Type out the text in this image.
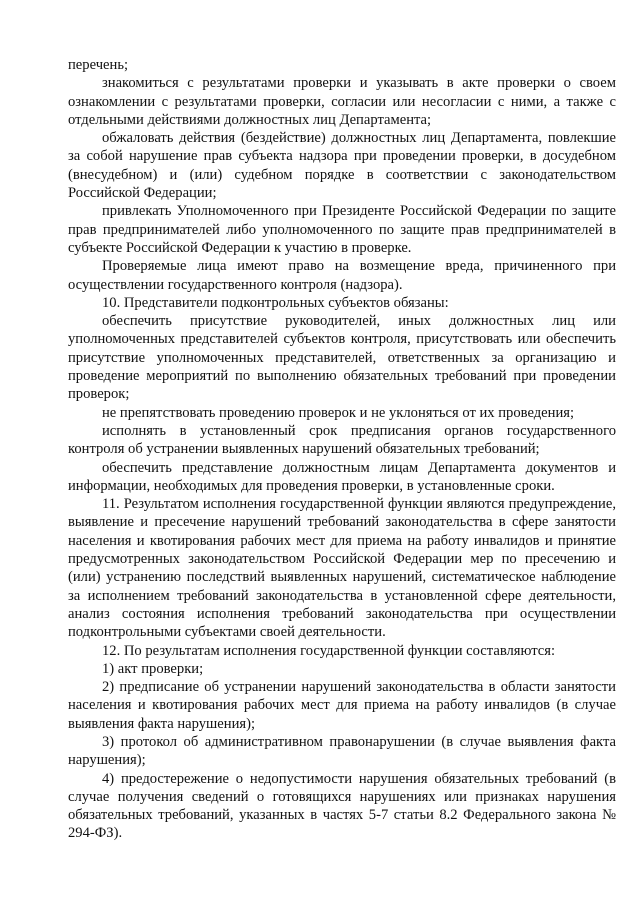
перечень;

знакомиться с результатами проверки и указывать в акте проверки о своем ознакомлении с результатами проверки, согласии или несогласии с ними, а также с отдельными действиями должностных лиц Департамента;

обжаловать действия (бездействие) должностных лиц Департамента, повлекшие за собой нарушение прав субъекта надзора при проведении проверки, в досудебном (внесудебном) и (или) судебном порядке в соответствии с законодательством Российской Федерации;

привлекать Уполномоченного при Президенте Российской Федерации по защите прав предпринимателей либо уполномоченного по защите прав предпринимателей в субъекте Российской Федерации к участию в проверке.

Проверяемые лица имеют право на возмещение вреда, причиненного при осуществлении государственного контроля (надзора).

10. Представители подконтрольных субъектов обязаны:

обеспечить присутствие руководителей, иных должностных лиц или уполномоченных представителей субъектов контроля, присутствовать или обеспечить присутствие уполномоченных представителей, ответственных за организацию и проведение мероприятий по выполнению обязательных требований при проведении проверок;

не препятствовать проведению проверок и не уклоняться от их проведения;

исполнять в установленный срок предписания органов государственного контроля об устранении выявленных нарушений обязательных требований;

обеспечить представление должностным лицам Департамента документов и информации, необходимых для проведения проверки, в установленные сроки.

11. Результатом исполнения государственной функции являются предупреждение, выявление и пресечение нарушений требований законодательства в сфере занятости населения и квотирования рабочих мест для приема на работу инвалидов и принятие предусмотренных законодательством Российской Федерации мер по пресечению и (или) устранению последствий выявленных нарушений, систематическое наблюдение за исполнением требований законодательства в установленной сфере деятельности, анализ состояния исполнения требований законодательства при осуществлении подконтрольными субъектами своей деятельности.

12. По результатам исполнения государственной функции составляются:

1) акт проверки;

2) предписание об устранении нарушений законодательства в области занятости населения и квотирования рабочих мест для приема на работу инвалидов (в случае выявления факта нарушения);

3) протокол об административном правонарушении (в случае выявления факта нарушения);

4) предостережение о недопустимости нарушения обязательных требований (в случае получения сведений о готовящихся нарушениях или признаках нарушения обязательных требований, указанных в частях 5-7 статьи 8.2 Федерального закона № 294-ФЗ).
